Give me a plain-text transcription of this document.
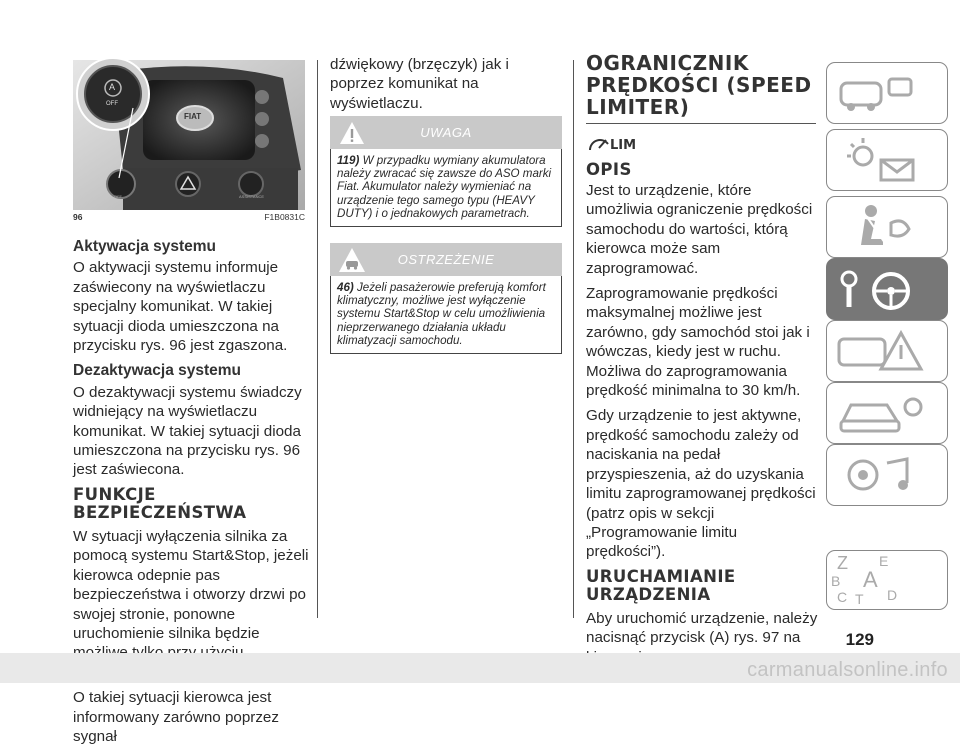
A
OFF
FIAT
OFF	ASSISTANCE
96	F1B0831C
Aktywacja systemu

O aktywacji systemu informuje zaświecony na wyświetlaczu specjalny komunikat. W takiej sytuacji dioda umieszczona na przycisku rys. 96 jest zgaszona.

Dezaktywacja systemu

O dezaktywacji systemu świadczy widniejący na wyświetlaczu komunikat. W takiej sytuacji dioda umieszczona na przycisku rys. 96 jest zaświecona.

FUNKCJE BEZPIECZEŃSTWA

W sytuacji wyłączenia silnika za pomocą systemu Start&Stop, jeżeli kierowca odepnie pas bezpieczeństwa i otworzy drzwi po swojej stronie, ponowne uruchomienie silnika będzie

O takiej sytuacji kierowca jest informowany zarówno poprzez sygnał

dźwiękowy (brzęczyk) jak i poprzez komunikat na wyświetlaczu.

UWAGA
119) W przypadku wymiany akumulatora należy zwracać się zawsze do ASO marki Fiat. Akumulator należy wymieniać na urządzenie tego samego typu (HEAVY DUTY) i o jednakowych parametrach.
OSTRZEŻENIE
46) Jeżeli pasażerowie preferują komfort klimatyczny, możliwe jest wyłączenie systemu Start&Stop w celu umożliwienia nieprzerwanego działania układu klimatyzacji samochodu.
OGRANICZNIK PRĘDKOŚCI (SPEED LIMITER)
LIM
OPIS

Jest to urządzenie, które umożliwia ograniczenie prędkości samochodu do wartości, którą kierowca może sam zaprogramować.

Zaprogramowanie prędkości maksymalnej możliwe jest zarówno, gdy samochód stoi jak i wówczas, kiedy jest w ruchu. Możliwa do zaprogramowania prędkość minimalna to 30 km/h.

Gdy urządzenie to jest aktywne, prędkość samochodu zależy od naciskania na pedał przyspieszenia, aż do uzyskania limitu zaprogramowanej prędkości (patrz opis w sekcji „Programowanie limitu prędkości”).

URUCHAMIANIE URZĄDZENIA

Aby uruchomić urządzenie, należy nacisnąć przycisk (A) rys. 97 na

Z E
B A
C	D
T
129
carmanualsonline.info
